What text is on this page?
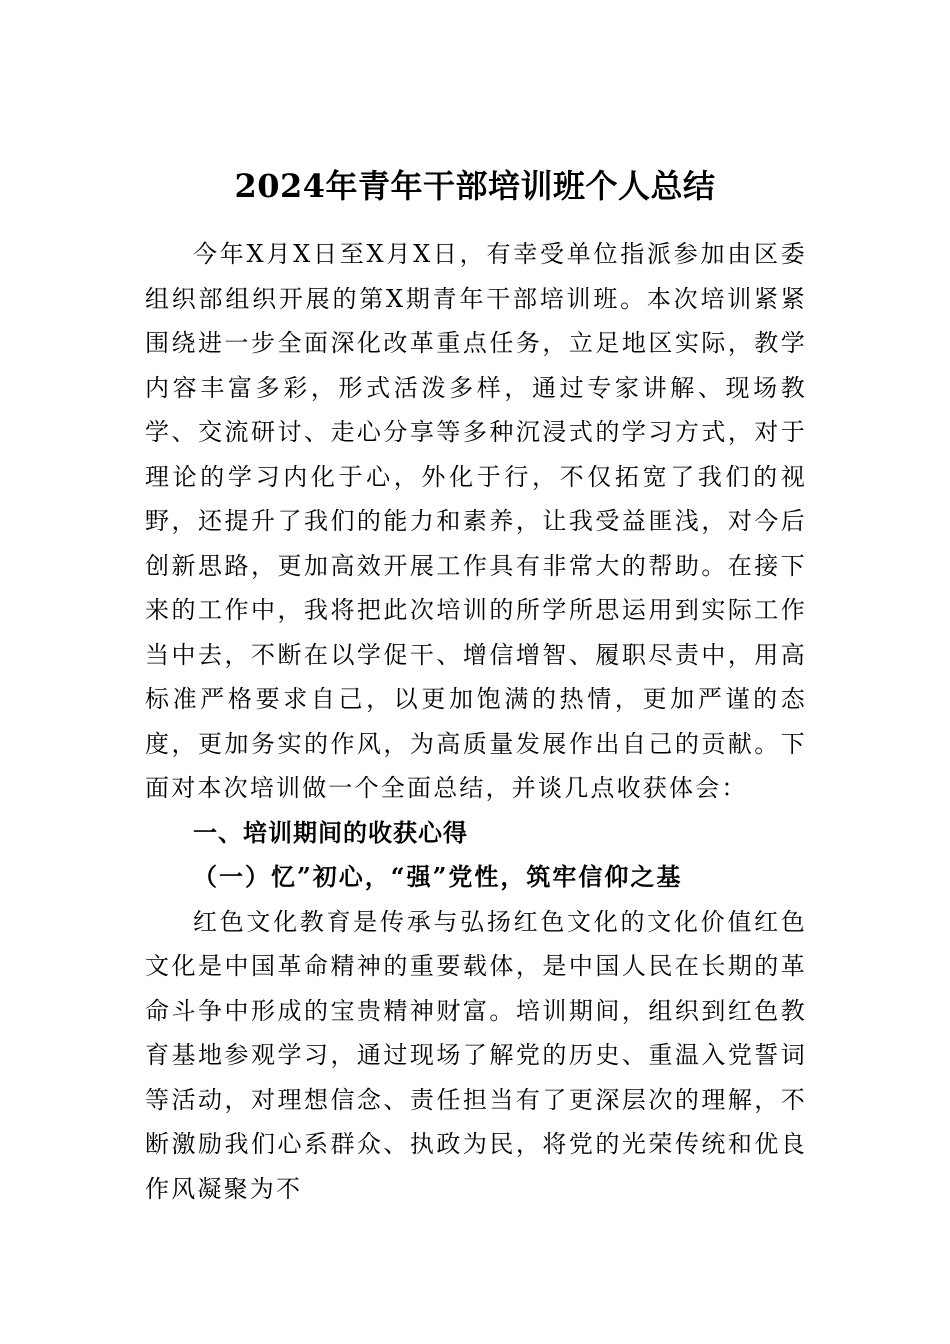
2024年青年干部培训班个人总结

今年X月X日至X月X日，有幸受单位指派参加由区委组织部组织开展的第X期青年干部培训班。本次培训紧紧围绕进一步全面深化改革重点任务，立足地区实际，教学内容丰富多彩，形式活泼多样，通过专家讲解、现场教学、交流研讨、走心分享等多种沉浸式的学习方式，对于理论的学习内化于心，外化于行，不仅拓宽了我们的视野，还提升了我们的能力和素养，让我受益匪浅，对今后创新思路，更加高效开展工作具有非常大的帮助。在接下来的工作中，我将把此次培训的所学所思运用到实际工作当中去，不断在以学促干、增信增智、履职尽责中，用高标准严格要求自己，以更加饱满的热情，更加严谨的态度，更加务实的作风，为高质量发展作出自己的贡献。下面对本次培训做一个全面总结，并谈几点收获体会：

一、培训期间的收获心得

（一）忆”初心，“强”党性，筑牢信仰之基

红色文化教育是传承与弘扬红色文化的文化价值红色文化是中国革命精神的重要载体，是中国人民在长期的革命斗争中形成的宝贵精神财富。培训期间，组织到红色教育基地参观学习，通过现场了解党的历史、重温入党誓词等活动，对理想信念、责任担当有了更深层次的理解，不断激励我们心系群众、执政为民，将党的光荣传统和优良作风凝聚为不
